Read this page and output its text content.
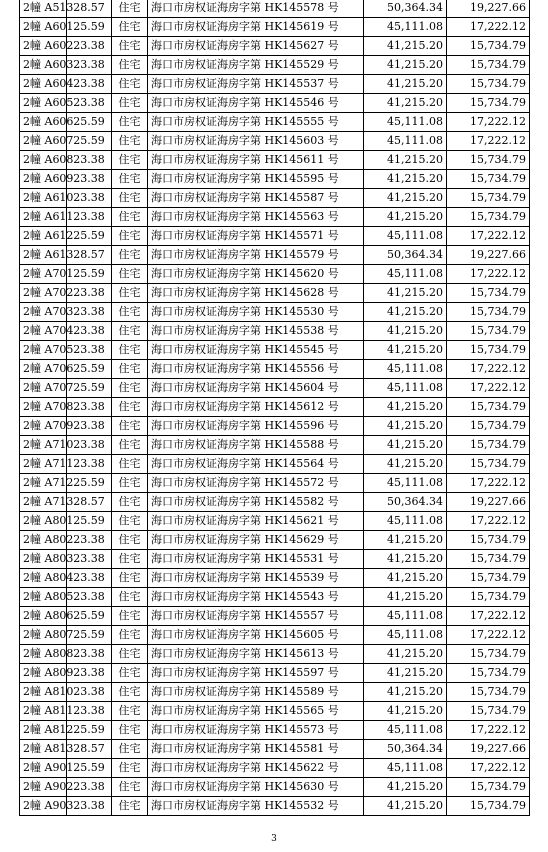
2幢 A513	28.57	住宅	海口市房权证海房字第 HK145578 号	50,364.34	19,227.66
2幢 A601	25.59	住宅	海口市房权证海房字第 HK145619 号	45,111.08	17,222.12
2幢 A602	23.38	住宅	海口市房权证海房字第 HK145627 号	41,215.20	15,734.79
2幢 A603	23.38	住宅	海口市房权证海房字第 HK145529 号	41,215.20	15,734.79
2幢 A604	23.38	住宅	海口市房权证海房字第 HK145537 号	41,215.20	15,734.79
2幢 A605	23.38	住宅	海口市房权证海房字第 HK145546 号	41,215.20	15,734.79
2幢 A606	25.59	住宅	海口市房权证海房字第 HK145555 号	45,111.08	17,222.12
2幢 A607	25.59	住宅	海口市房权证海房字第 HK145603 号	45,111.08	17,222.12
2幢 A608	23.38	住宅	海口市房权证海房字第 HK145611 号	41,215.20	15,734.79
2幢 A609	23.38	住宅	海口市房权证海房字第 HK145595 号	41,215.20	15,734.79
2幢 A610	23.38	住宅	海口市房权证海房字第 HK145587 号	41,215.20	15,734.79
2幢 A611	23.38	住宅	海口市房权证海房字第 HK145563 号	41,215.20	15,734.79
2幢 A612	25.59	住宅	海口市房权证海房字第 HK145571 号	45,111.08	17,222.12
2幢 A613	28.57	住宅	海口市房权证海房字第 HK145579 号	50,364.34	19,227.66
2幢 A701	25.59	住宅	海口市房权证海房字第 HK145620 号	45,111.08	17,222.12
2幢 A702	23.38	住宅	海口市房权证海房字第 HK145628 号	41,215.20	15,734.79
2幢 A703	23.38	住宅	海口市房权证海房字第 HK145530 号	41,215.20	15,734.79
2幢 A704	23.38	住宅	海口市房权证海房字第 HK145538 号	41,215.20	15,734.79
2幢 A705	23.38	住宅	海口市房权证海房字第 HK145545 号	41,215.20	15,734.79
2幢 A706	25.59	住宅	海口市房权证海房字第 HK145556 号	45,111.08	17,222.12
2幢 A707	25.59	住宅	海口市房权证海房字第 HK145604 号	45,111.08	17,222.12
2幢 A708	23.38	住宅	海口市房权证海房字第 HK145612 号	41,215.20	15,734.79
2幢 A709	23.38	住宅	海口市房权证海房字第 HK145596 号	41,215.20	15,734.79
2幢 A710	23.38	住宅	海口市房权证海房字第 HK145588 号	41,215.20	15,734.79
2幢 A711	23.38	住宅	海口市房权证海房字第 HK145564 号	41,215.20	15,734.79
2幢 A712	25.59	住宅	海口市房权证海房字第 HK145572 号	45,111.08	17,222.12
2幢 A713	28.57	住宅	海口市房权证海房字第 HK145582 号	50,364.34	19,227.66
2幢 A801	25.59	住宅	海口市房权证海房字第 HK145621 号	45,111.08	17,222.12
2幢 A802	23.38	住宅	海口市房权证海房字第 HK145629 号	41,215.20	15,734.79
2幢 A803	23.38	住宅	海口市房权证海房字第 HK145531 号	41,215.20	15,734.79
2幢 A804	23.38	住宅	海口市房权证海房字第 HK145539 号	41,215.20	15,734.79
2幢 A805	23.38	住宅	海口市房权证海房字第 HK145543 号	41,215.20	15,734.79
2幢 A806	25.59	住宅	海口市房权证海房字第 HK145557 号	45,111.08	17,222.12
2幢 A807	25.59	住宅	海口市房权证海房字第 HK145605 号	45,111.08	17,222.12
2幢 A808	23.38	住宅	海口市房权证海房字第 HK145613 号	41,215.20	15,734.79
2幢 A809	23.38	住宅	海口市房权证海房字第 HK145597 号	41,215.20	15,734.79
2幢 A810	23.38	住宅	海口市房权证海房字第 HK145589 号	41,215.20	15,734.79
2幢 A811	23.38	住宅	海口市房权证海房字第 HK145565 号	41,215.20	15,734.79
2幢 A812	25.59	住宅	海口市房权证海房字第 HK145573 号	45,111.08	17,222.12
2幢 A813	28.57	住宅	海口市房权证海房字第 HK145581 号	50,364.34	19,227.66
2幢 A901	25.59	住宅	海口市房权证海房字第 HK145622 号	45,111.08	17,222.12
2幢 A902	23.38	住宅	海口市房权证海房字第 HK145630 号	41,215.20	15,734.79
2幢 A903	23.38	住宅	海口市房权证海房字第 HK145532 号	41,215.20	15,734.79
3
